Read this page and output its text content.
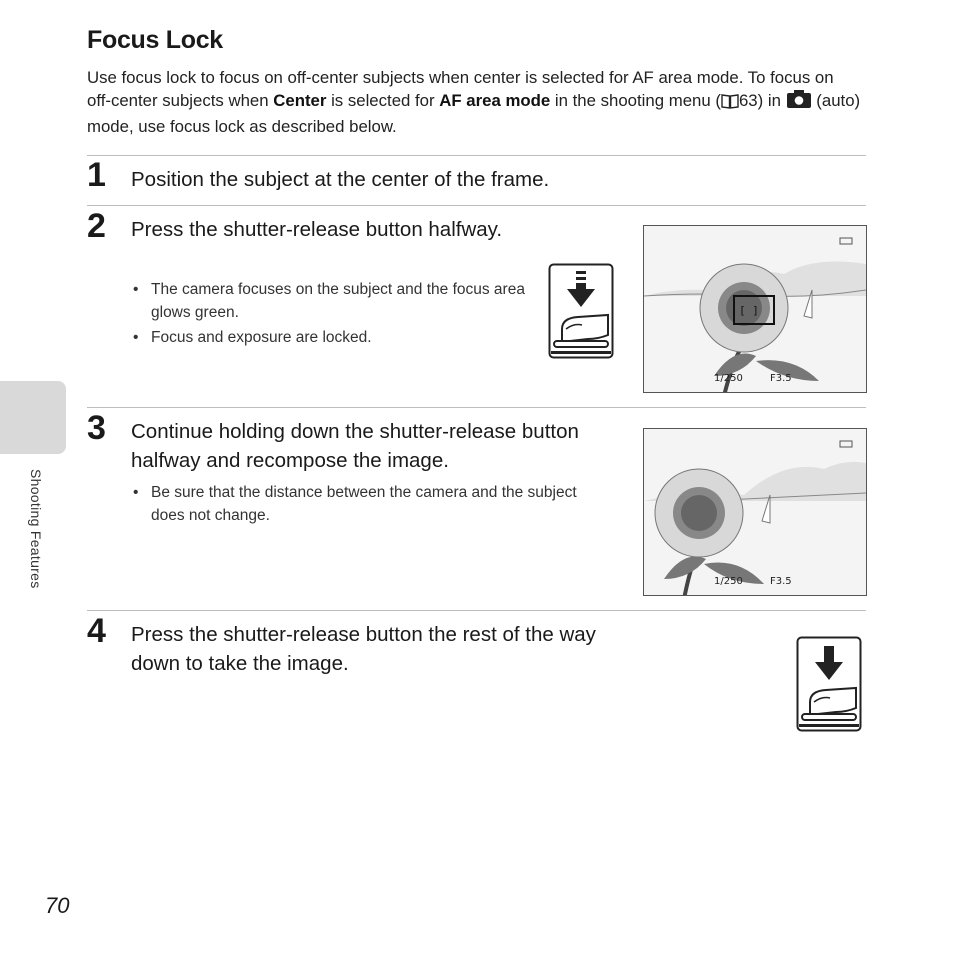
Focus Lock

Use focus lock to focus on off-center subjects when center is selected for AF area mode. To focus on off-center subjects when Center is selected for AF area mode in the shooting menu ( 63) in  (auto) mode, use focus lock as described below.

1 Position the subject at the center of the frame.

2 Press the shutter-release button halfway.

• The camera focuses on the subject and the focus area glows green.
• Focus and exposure are locked.
[ ]
1/250	F3.5
3 Continue holding down the shutter-release button halfway and recompose the image.

• Be sure that the distance between the camera and the subject does not change.
1/250	F3.5
4 Press the shutter-release button the rest of the way down to take the image.

Shooting Features
70
